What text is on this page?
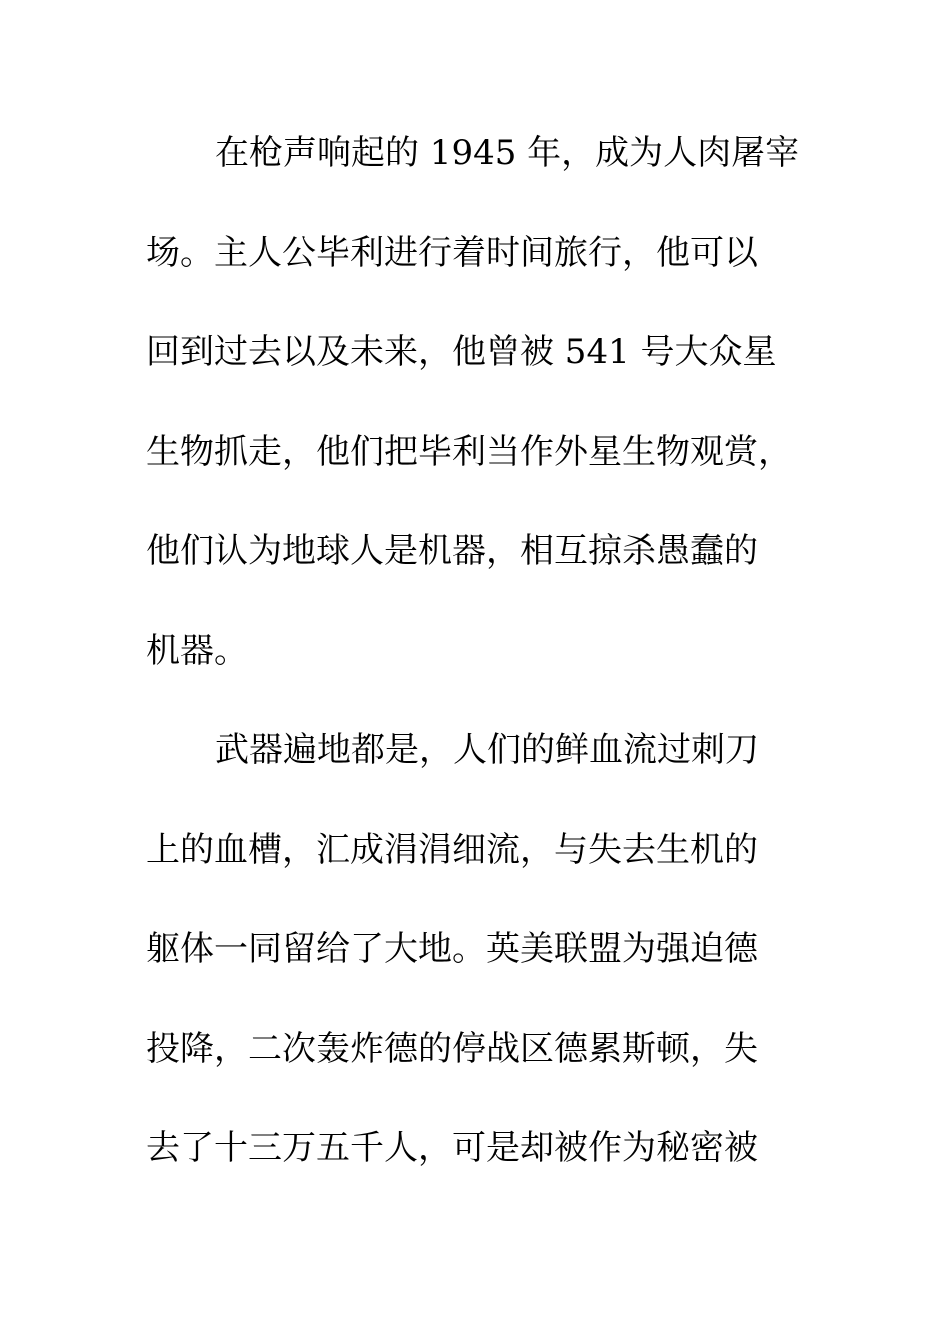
在枪声响起的 1945 年，成为人肉屠宰
场。主人公毕利进行着时间旅行，他可以
回到过去以及未来，他曾被 541 号大众星
生物抓走，他们把毕利当作外星生物观赏，
他们认为地球人是机器，相互掠杀愚蠢的
机器。
武器遍地都是，人们的鲜血流过刺刀
上的血槽，汇成涓涓细流，与失去生机的
躯体一同留给了大地。英美联盟为强迫德
投降，二次轰炸德的停战区德累斯顿，失
去了十三万五千人，可是却被作为秘密被
